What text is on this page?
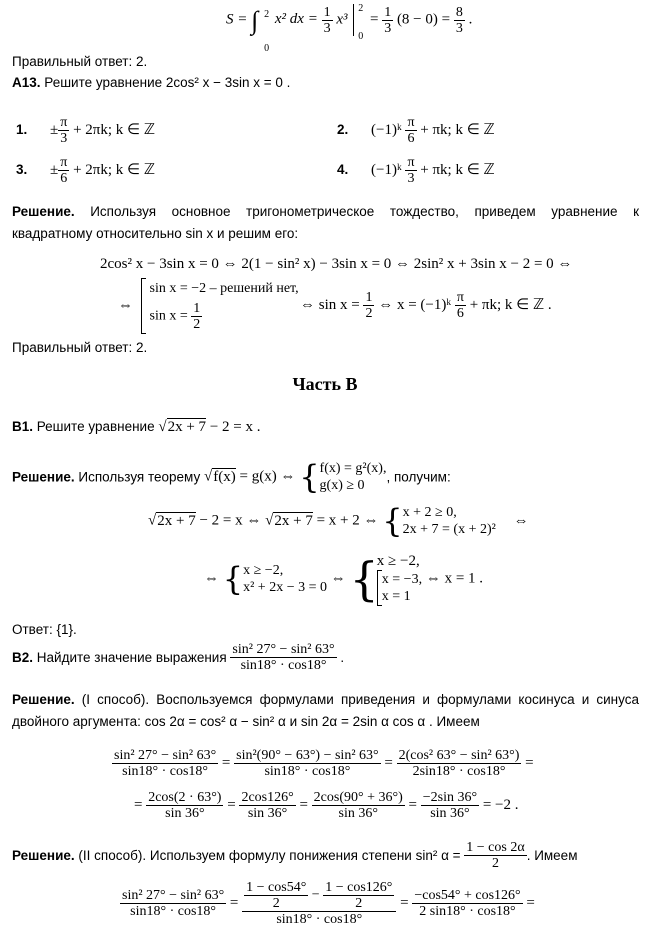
S = ∫ 2
0
x² dx = $\frac{1}{3} x^3$
2
0
= $\frac{1}{3} (8 - 0) = \frac{8}{3}$ .
Правильный ответ: 2.
А13. Решите уравнение 2cos² x − 3sin x = 0 .
1. ± $\frac{\pi}{3} + 2\pi k$; k ∈ ℤ	2. (−1)ᵏ $\frac{\pi}{6} + \pi k$; k ∈ ℤ
3. ± $\frac{\pi}{6} + 2\pi k$; k ∈ ℤ	4. (−1)ᵏ $\frac{\pi}{3} + \pi k$; k ∈ ℤ
Решение. Используя основное тригонометрическое тождество, приведем уравнение к квадратному относительно sin x и решим его:
2cos² x − 3sin x = 0 ⇔ 2(1 − sin² x) − 3sin x = 0 ⇔ 2sin² x + 3sin x − 2 = 0 ⇔
⇔
sin x = −2 – решений нет,
$\sin x = \frac{1}{2}$	⇔ $\sin x = \frac{1}{2}$ ⇔ x = (−1)ᵏ $\frac{\pi}{6} + \pi k$; k ∈ ℤ .
Правильный ответ: 2.
Часть В
В1. Решите уравнение √2x + 7 − 2 = x .
Решение. Используя теорему √f(x) = g(x) ⇔ { f(x) = g²(x),
g(x) ≥ 0
, получим:
√2x + 7 − 2 = x ⇔ √2x + 7 = x + 2 ⇔ { x + 2 ≥ 0,
2x + 7 = (x + 2)²
⇔
⇔ { x ≥ −2,
x² + 2x − 3 = 0
⇔ {
x ≥ −2,
x = −3,
x = 1
⇔ x = 1 .
Ответ: {1}.
В2. Найдите значение выражения $\frac{\text{sin² 27° − sin² 63°}}{\sin 18^\circ \cdot \cos 18^\circ}$ .
Решение. (I способ). Воспользуемся формулами приведения и формулами косинуса и синуса двойного аргумента: cos 2α = cos² α − sin² α и sin 2α = 2sin α cos α . Имеем
$\frac{\text{sin² 27° − sin² 63°}}{\sin 18^\circ \cdot \cos 18^\circ} = \frac{\text{sin²(90° − 63°) − sin² 63°}}{\sin 18^\circ \cdot \cos 18^\circ} = \frac{\text{2(cos² 63° − sin² 63°)}}{2\sin 18^\circ \cdot \cos 18^\circ}$ =
= $\frac{2\cos(2 \cdot 63^\circ)}{\sin 36^\circ} = \frac{2\cos 126^\circ}{\sin 36^\circ} = \frac{2\cos(90^\circ + 36^\circ)}{\sin 36^\circ} = \frac{-2\sin 36^\circ}{\sin 36^\circ} = -2$ .
Решение. (II способ). Используем формулу понижения степени sin² $\alpha = \frac{1 - \cos 2\alpha}{2}$ . Имеем
$\frac{\text{sin² 27° − sin² 63°}}{\sin 18^\circ \cdot \cos 18^\circ} = \frac{\frac{1 - \cos 54^\circ}{2} - \frac{1 - \cos 126^\circ}{2}}{\sin 18^\circ \cdot \cos 18^\circ} = \frac{-\cos 54^\circ + \cos 126^\circ}{2 \sin 18^\circ \cdot \cos 18^\circ}$ =
